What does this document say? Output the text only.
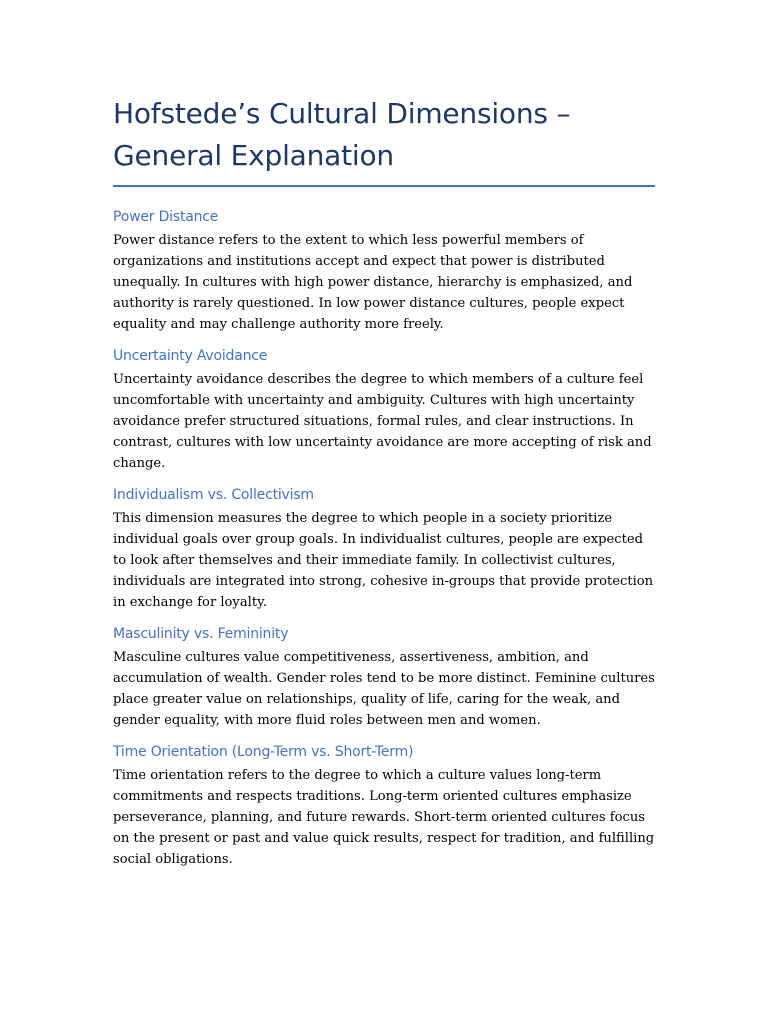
Hofstede’s Cultural Dimensions –
General Explanation
Power Distance

Power distance refers to the extent to which less powerful members of organizations and institutions accept and expect that power is distributed unequally. In cultures with high power distance, hierarchy is emphasized, and authority is rarely questioned. In low power distance cultures, people expect equality and may challenge authority more freely.

Uncertainty Avoidance

Uncertainty avoidance describes the degree to which members of a culture feel uncomfortable with uncertainty and ambiguity. Cultures with high uncertainty avoidance prefer structured situations, formal rules, and clear instructions. In contrast, cultures with low uncertainty avoidance are more accepting of risk and change.

Individualism vs. Collectivism

This dimension measures the degree to which people in a society prioritize individual goals over group goals. In individualist cultures, people are expected to look after themselves and their immediate family. In collectivist cultures, individuals are integrated into strong, cohesive in-groups that provide protection in exchange for loyalty.

Masculinity vs. Femininity

Masculine cultures value competitiveness, assertiveness, ambition, and accumulation of wealth. Gender roles tend to be more distinct. Feminine cultures place greater value on relationships, quality of life, caring for the weak, and gender equality, with more fluid roles between men and women.

Time Orientation (Long-Term vs. Short-Term)

Time orientation refers to the degree to which a culture values long-term commitments and respects traditions. Long-term oriented cultures emphasize perseverance, planning, and future rewards. Short-term oriented cultures focus on the present or past and value quick results, respect for tradition, and fulfilling social obligations.
